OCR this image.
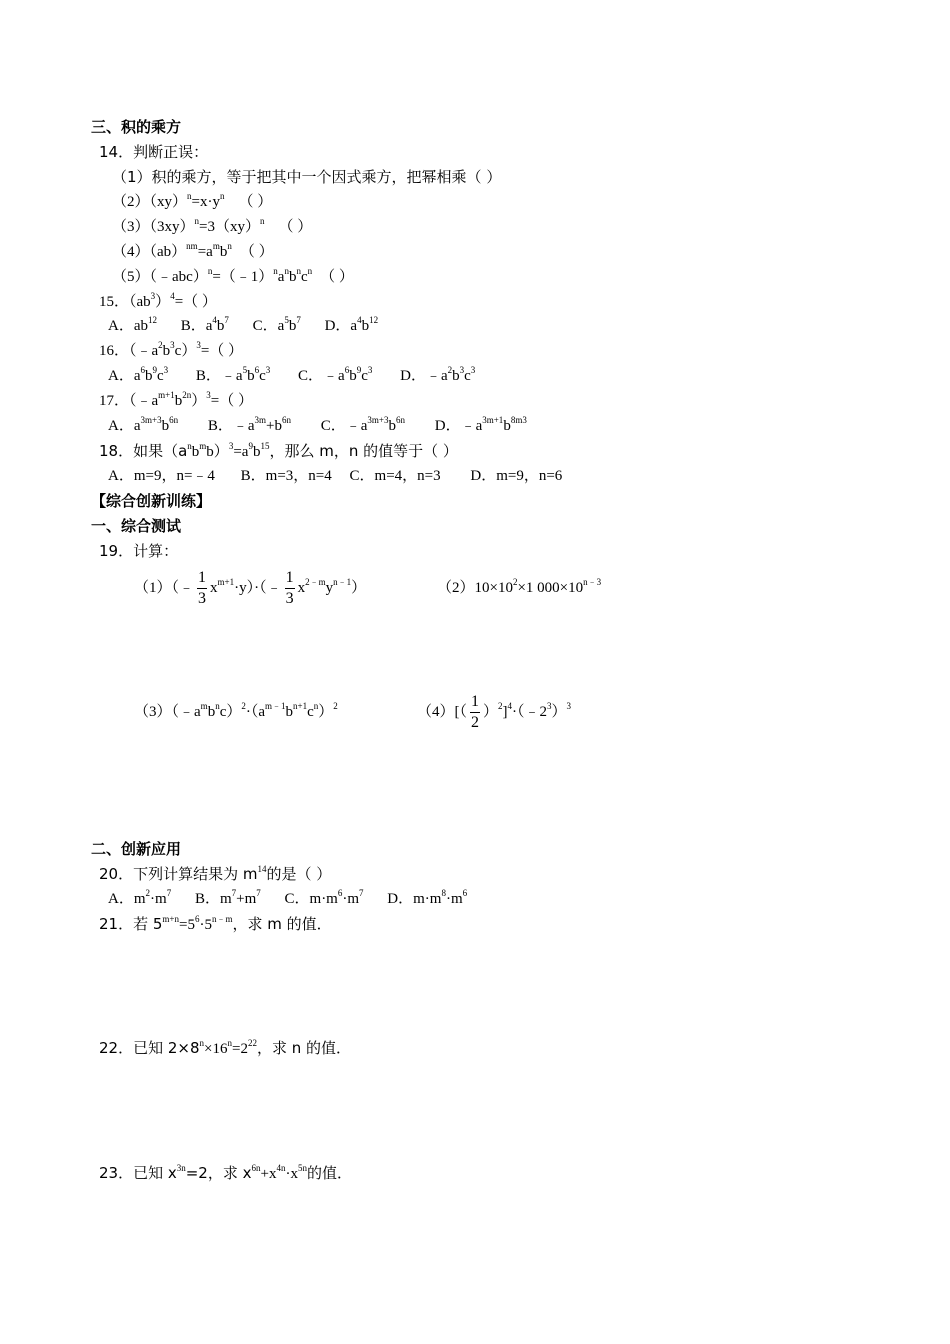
三、积的乘方
14．判断正误：
（1）积的乘方，等于把其中一个因式乘方，把幂相乘（ ）
$(2)(xy)^n=x\cdot y^n$ （ ）
$(3)(3xy)^n=3(xy)^n$ （ ）
$(4)(ab)^{nm}=a^mb^n$ （ ）
$(5)(﹣abc)^n=(﹣1)^na^nb^nc^n$ （ ）
15．$(ab^3)^4=$（ ）
A．$ab^{12}$ B．$a^4b^7$ C．$a^5b^7$ D．$a^4b^{12}$
16．$(﹣a^2b^3c)^3=$（ ）
A．$a^6b^9c^3$ B．$﹣a^5b^6c^3$ C．$﹣a^6b^9c^3$ D．$﹣a^2b^3c^3$
17．$(﹣a^{m+1}b^{2n})^3=$（ ）
A．$a^{3m+3}b^{6n}$ B．$﹣a^{3m}+b^{6n}$ C．$﹣a^{3m+3}b^{6n}$ D．$﹣a^{3m+1}b^{8m3}$
18．如果$(a^nb^mb)^3=a^9b^{15}$，那么 m，n 的值等于（ ）
A．m=9，n=﹣4 B．m=3，n=4 C．m=4，n=3 D．m=9，n=6
【综合创新训练】
一、综合测试
19．计算：
（1）（﹣ $\frac{1}{3}$ $x^{m+1}\cdot y)\cdot(﹣ \frac{1}{3} x^{2﹣m}y^{n﹣1})$	$(2)10\times 10^2\times 1$ $000\times 10^{n﹣3}$
$(3)(﹣a^mb^nc)^2\cdot(a^{m﹣1}b^{n+1}c^n)^2$	$(4)[( \frac{1}{2}$ ）$^2]^4\cdot(﹣2^3)^3$
二、创新应用
20．下列计算结果为 $m^{14}$的是（ ）
A．$m^2\cdot m^7$ B．$m^7+m^7$ C．$m\cdot m^6\cdot m^7$ D．$m\cdot m^8\cdot m^6$
21．若 $5^{m+n}=5^6\cdot 5^{n﹣m}$，求 m 的值．
22．已知 $2\times 8^n\times 16^n=2^{22}$，求 n 的值．
23．已知 $x^{3n}=2$，求 $x^{6n}+x^{4n}\cdot x^{5n}$的值．
